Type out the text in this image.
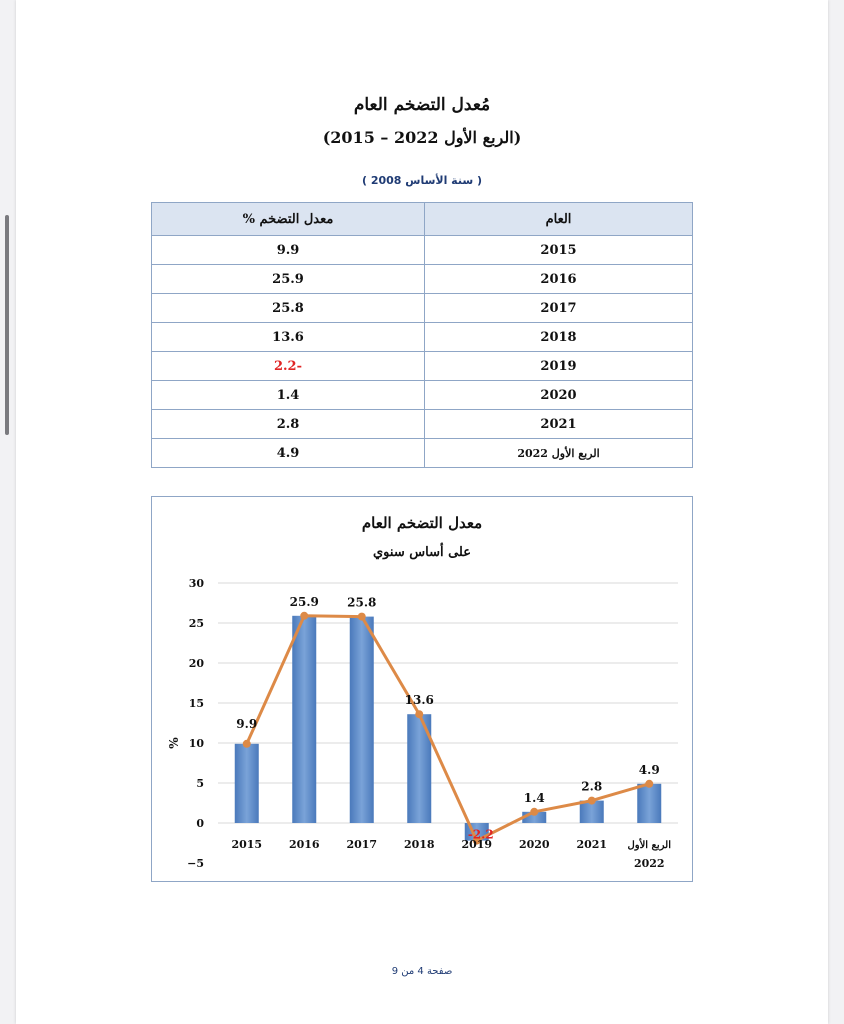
مُعدل التضخم العام
(2015 – الربع الأول 2022)
( سنة الأساس 2008 )
العام	معدل التضخم %
2015	9.9
2016	25.9
2017	25.8
2018	13.6
2019	-2.2
2020	1.4
2021	2.8
الربع الأول 2022	4.9
معدل التضخم العام
على أساس سنوي
−5
0
5
10
15
20
25
30
%
9.9
25.9 25.8
13.6
-2.2
1.4
2.8
4.9
2015 2016 2017 2018 2019 2020 2021 الربع الأول
2022
صفحة 4 من 9
